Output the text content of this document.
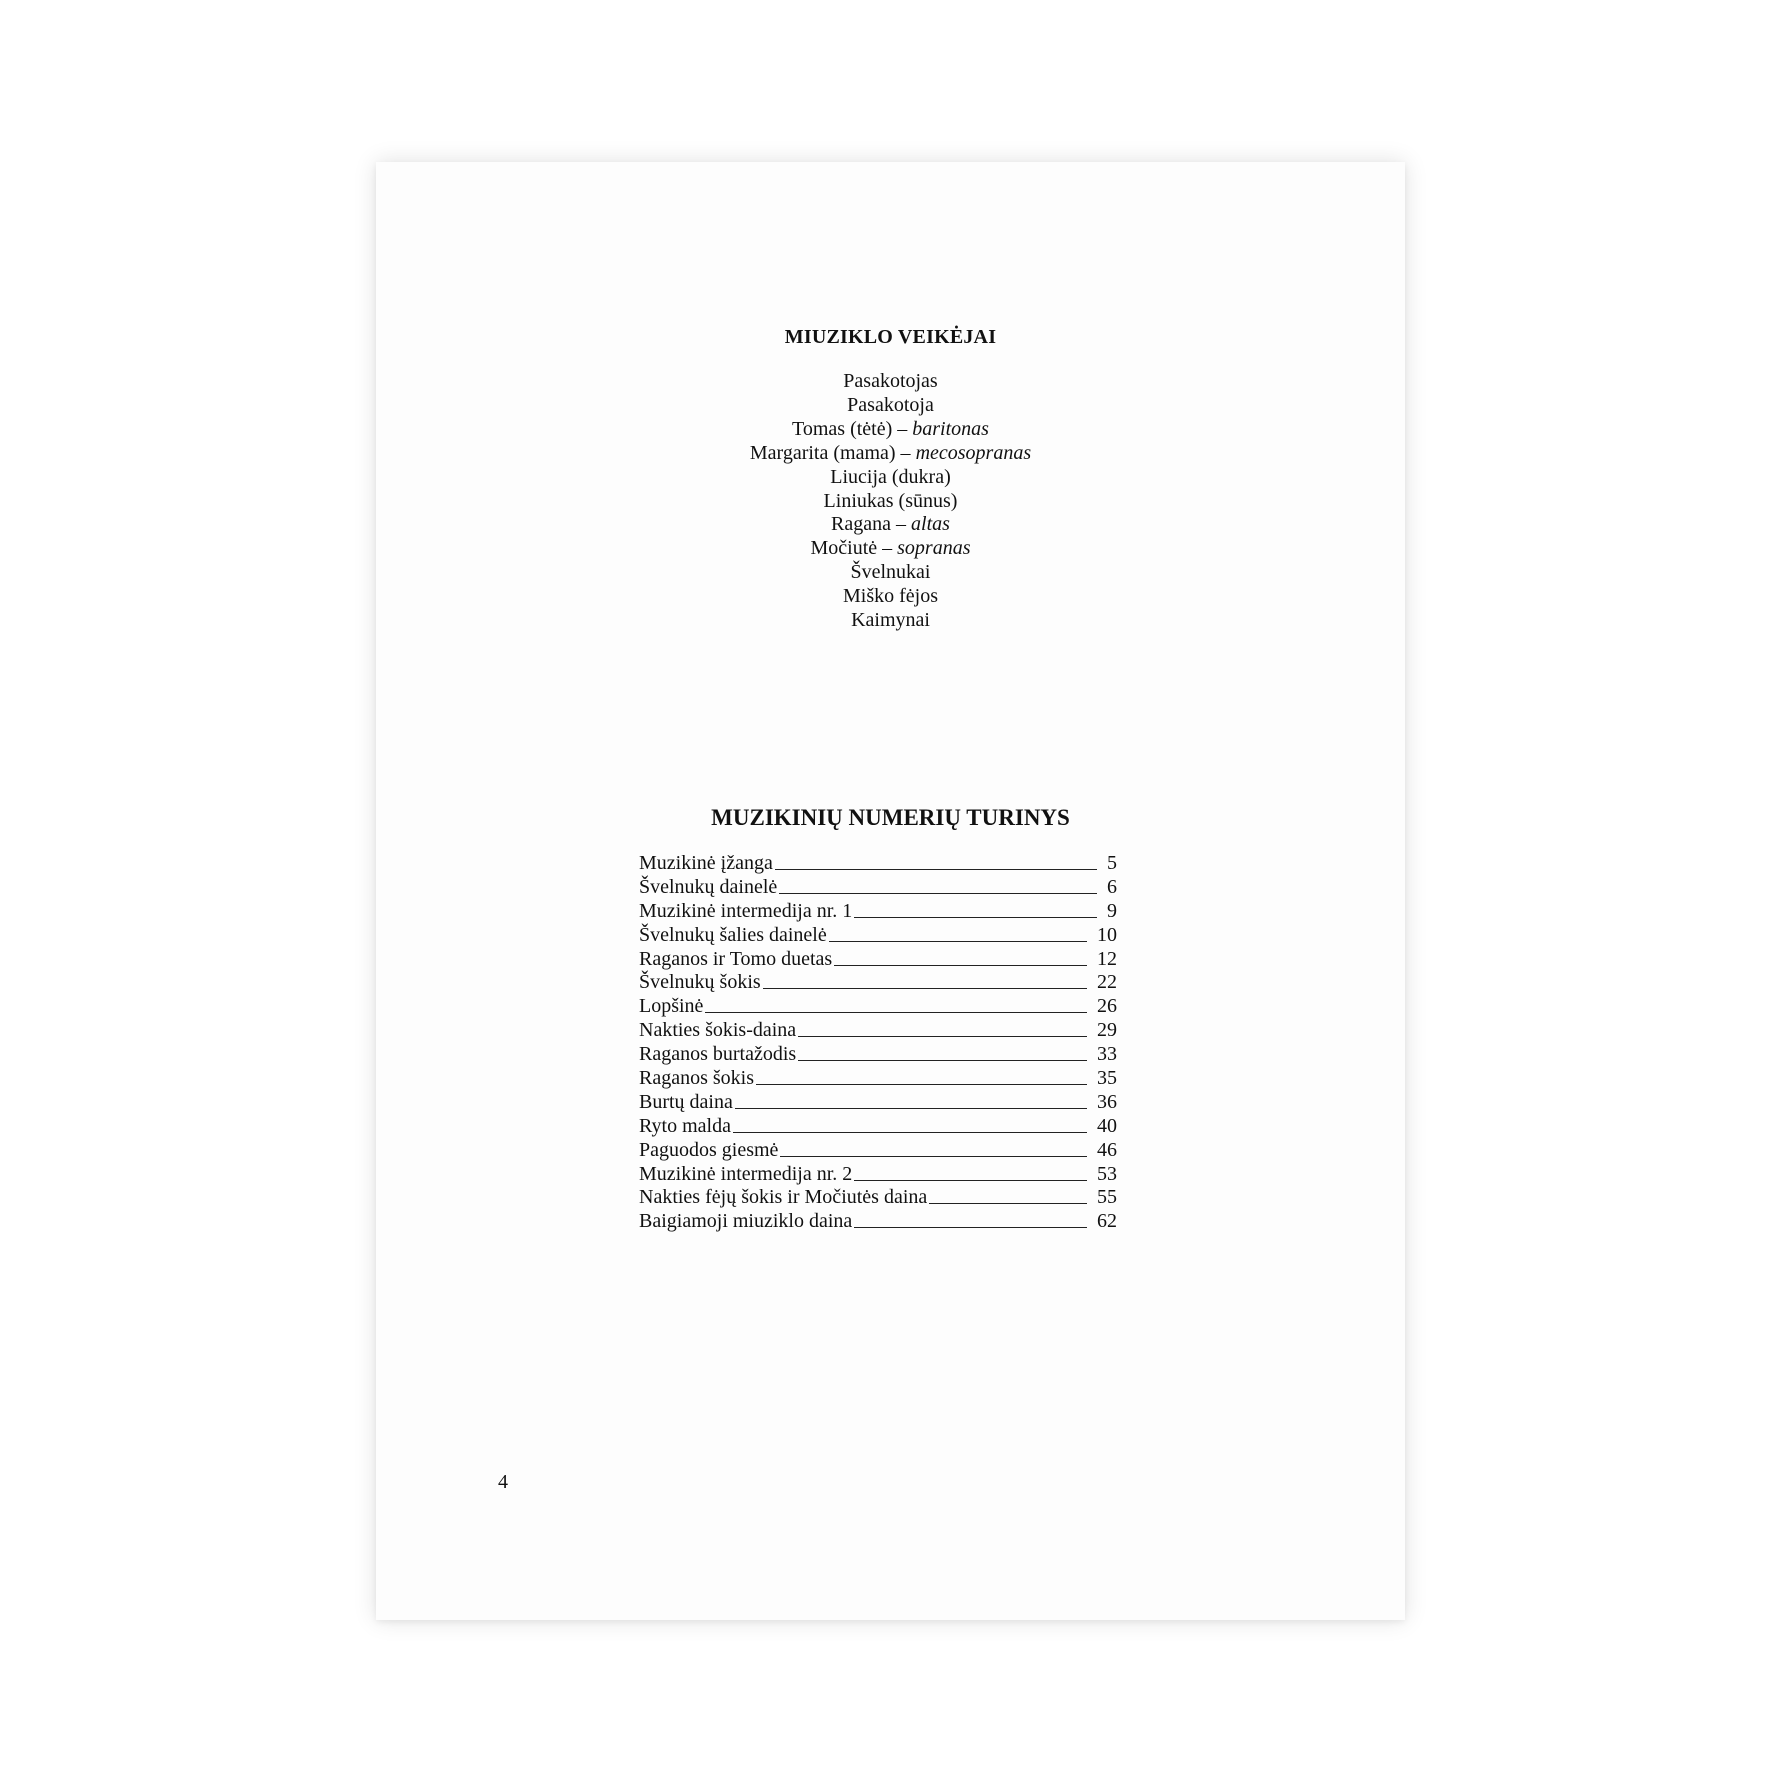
MIUZIKLO VEIKĖJAI
Pasakotojas
Pasakotoja
Tomas (tėtė) – baritonas
Margarita (mama) – mecosopranas
Liucija (dukra)
Liniukas (sūnus)
Ragana – altas
Močiutė – sopranas
Švelnukai
Miško fėjos
Kaimynai
MUZIKINIŲ NUMERIŲ TURINYS
Muzikinė įžanga	5
Švelnukų dainelė	6
Muzikinė intermedija nr. 1	9
Švelnukų šalies dainelė	10
Raganos ir Tomo duetas	12
Švelnukų šokis	22
Lopšinė	26
Nakties šokis-daina	29
Raganos burtažodis	33
Raganos šokis	35
Burtų daina	36
Ryto malda	40
Paguodos giesmė	46
Muzikinė intermedija nr. 2	53
Nakties fėjų šokis ir Močiutės daina	55
Baigiamoji miuziklo daina	62
4
